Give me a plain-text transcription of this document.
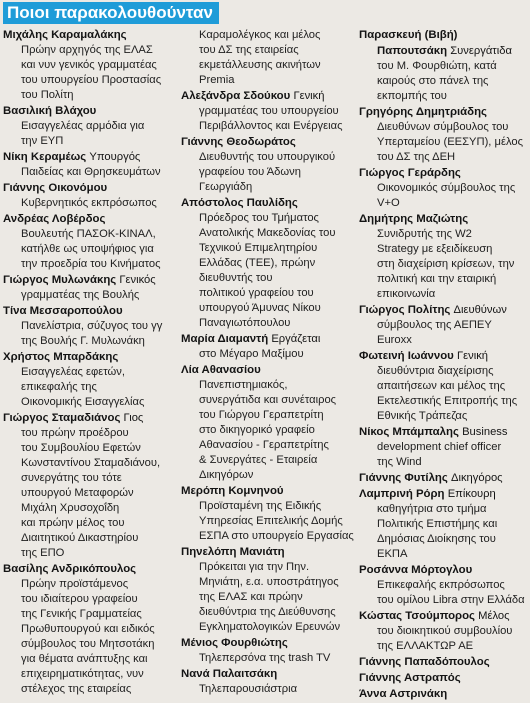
Ποιοι παρακολουθούνταν
Μιχάλης Καραμαλάκης
Πρώην αρχηγός της ΕΛΑΣ
και νυν γενικός γραμματέας
του υπουργείου Προστασίας
του Πολίτη
Βασιλική Βλάχου
Εισαγγελέας αρμόδια για
την ΕΥΠ
Νίκη Κεραμέως Υπουργός
Παιδείας και Θρησκευμάτων
Γιάννης Οικονόμου
Κυβερνητικός εκπρόσωπος
Ανδρέας Λοβέρδος
Βουλευτής ΠΑΣΟΚ-ΚΙΝΑΛ,
κατήλθε ως υποψήφιος για
την προεδρία του Κινήματος
Γιώργος Μυλωνάκης Γενικός
γραμματέας της Βουλής
Τίνα Μεσσαροπούλου
Πανελίστρια, σύζυγος του γγ
της Βουλής Γ. Μυλωνάκη
Χρήστος Μπαρδάκης
Εισαγγελέας εφετών,
επικεφαλής της
Οικονομικής Εισαγγελίας
Γιώργος Σταμαδιάνος Γιος
του πρώην προέδρου
του Συμβουλίου Εφετών
Κωνσταντίνου Σταμαδιάνου,
συνεργάτης του τότε
υπουργού Μεταφορών
Μιχάλη Χρυσοχοΐδη
και πρώην μέλος του
Διαιτητικού Δικαστηρίου
της ΕΠΟ
Βασίλης Ανδρικόπουλος
Πρώην προϊστάμενος
του ιδιαίτερου γραφείου
της Γενικής Γραμματείας
Πρωθυπουργού και ειδικός
σύμβουλος του Μητσοτάκη
για θέματα ανάπτυξης και
επιχειρηματικότητας, νυν
στέλεχος της εταιρείας
Καραμολέγκος και μέλος
του ΔΣ της εταιρείας
εκμετάλλευσης ακινήτων
Premia
Αλεξάνδρα Σδούκου Γενική
γραμματέας του υπουργείου
Περιβάλλοντος και Ενέργειας
Γιάννης Θεοδωράτος
Διευθυντής του υπουργικού
γραφείου του Άδωνη
Γεωργιάδη
Απόστολος Παυλίδης
Πρόεδρος του Τμήματος
Ανατολικής Μακεδονίας του
Τεχνικού Επιμελητηρίου
Ελλάδας (ΤΕΕ), πρώην
διευθυντής του
πολιτικού γραφείου του
υπουργού Άμυνας Νίκου
Παναγιωτόπουλου
Μαρία Διαμαντή Εργάζεται
στο Μέγαρο Μαξίμου
Λία Αθανασίου
Πανεπιστημιακός,
συνεργάτιδα και συνέταιρος
του Γιώργου Γεραπετρίτη
στο δικηγορικό γραφείο
Αθανασίου - Γεραπετρίτης
& Συνεργάτες - Εταιρεία
Δικηγόρων
Μερόπη Κομνηνού
Προϊσταμένη της Ειδικής
Υπηρεσίας Επιτελικής Δομής
ΕΣΠΑ στο υπουργείο Εργασίας
Πηνελόπη Μανιάτη
Πρόκειται για την Πην.
Μηνιάτη, ε.α. υποστράτηγος
της ΕΛΑΣ και πρώην
διευθύντρια της Διεύθυνσης
Εγκληματολογικών Ερευνών
Μένιος Φουρθιώτης
Τηλεπερσόνα της trash TV
Νανά Παλαιτσάκη
Τηλεπαρουσιάστρια
Παρασκευή (Βιβή)
Παπουτσάκη Συνεργάτιδα
του Μ. Φουρθιώτη, κατά
καιρούς στο πάνελ της
εκπομπής του
Γρηγόρης Δημητριάδης
Διευθύνων σύμβουλος του
Υπερταμείου (ΕΕΣΥΠ), μέλος
του ΔΣ της ΔΕΗ
Γιώργος Γεράρδης
Οικονομικός σύμβουλος της
V+O
Δημήτρης Μαζιώτης
Συνιδρυτής της W2
Strategy με εξειδίκευση
στη διαχείριση κρίσεων, την
πολιτική και την εταιρική
επικοινωνία
Γιώργος Πολίτης Διευθύνων
σύμβουλος της ΑΕΠΕΥ
Euroxx
Φωτεινή Ιωάννου Γενική
διευθύντρια διαχείρισης
απαιτήσεων και μέλος της
Εκτελεστικής Επιτροπής της
Εθνικής Τράπεζας
Νίκος Μπάμπαλης Business
development chief officer
της Wind
Γιάννης Φυτίλης Δικηγόρος
Λαμπρινή Ρόρη Επίκουρη
καθηγήτρια στο τμήμα
Πολιτικής Επιστήμης και
Δημόσιας Διοίκησης του
ΕΚΠΑ
Ροσάννα Μόρτογλου
Επικεφαλής εκπρόσωπος
του ομίλου Libra στην Ελλάδα
Κώστας Τσούμπορος Μέλος
του διοικητικού συμβουλίου
της ΕΛΛΑΚΤΩΡ ΑΕ
Γιάννης Παπαδόπουλος
Γιάννης Αστραπός
Άννα Αστρινάκη
